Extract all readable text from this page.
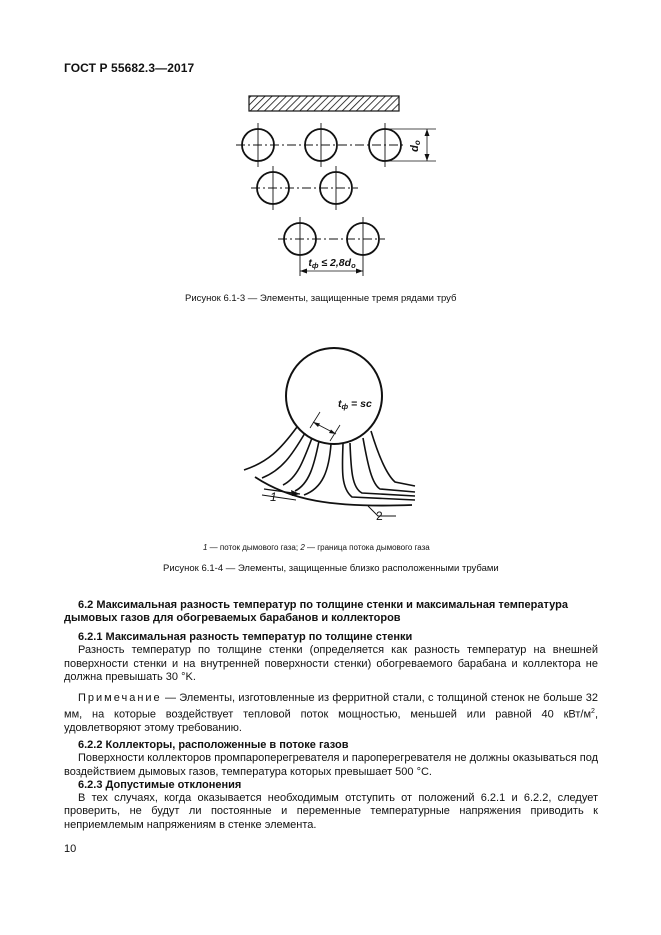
ГОСТ Р 55682.3—2017
do
tф ≤ 2,8do
Рисунок 6.1-3 — Элементы, защищенные тремя рядами труб
1
2
tф = sc
1 — поток дымового газа; 2 — граница потока дымового газа
Рисунок 6.1-4 — Элементы, защищенные близко расположенными трубами

6.2 Максимальная разность температур по толщине стенки и максимальная температура дымовых газов для обогреваемых барабанов и коллекторов

6.2.1 Максимальная разность температур по толщине стенки

Разность температур по толщине стенки (определяется как разность температур на внешней поверхности стенки и на внутренней поверхности стенки) обогреваемого барабана и коллектора не должна превышать 30 °K.

Примечание — Элементы, изготовленные из ферритной стали, с толщиной стенок не больше 32 мм, на которые воздействует тепловой поток мощностью, меньшей или равной 40 кВт/$м^2$, удовлетворяют этому требованию.

6.2.2 Коллекторы, расположенные в потоке газов

Поверхности коллекторов промпароперегревателя и пароперегревателя не должны оказываться под воздействием дымовых газов, температура которых превышает 500 °C.

6.2.3 Допустимые отклонения

В тех случаях, когда оказывается необходимым отступить от положений 6.2.1 и 6.2.2, следует проверить, не будут ли постоянные и переменные температурные напряжения приводить к неприемлемым напряжениям в стенке элемента.

10
